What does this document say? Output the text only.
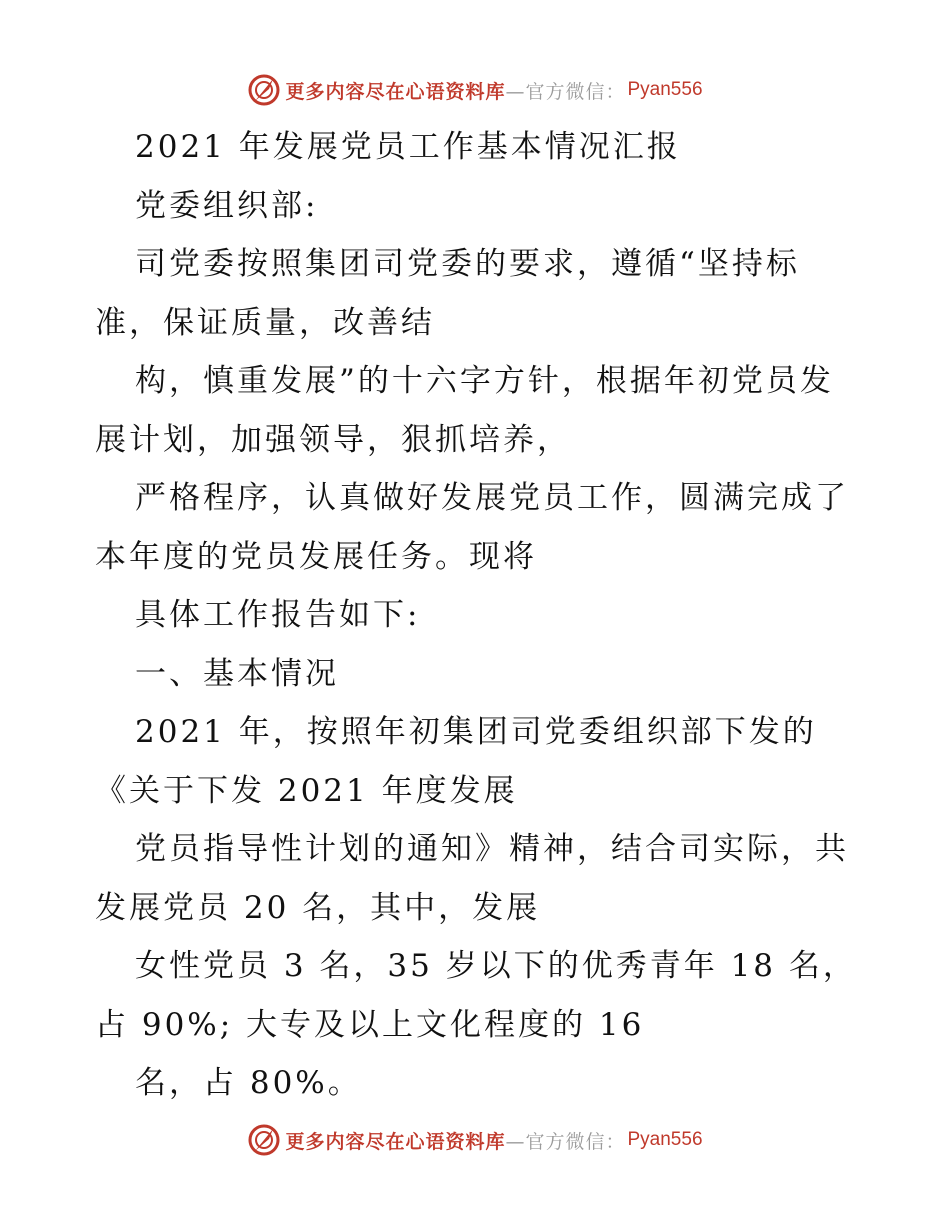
更多内容尽在心语资料库 —官方微信： Pyan556
2021 年发展党员工作基本情况汇报
党委组织部:
司党委按照集团司党委的要求，遵循“坚持标
准，保证质量，改善结
构，慎重发展”的十六字方针，根据年初党员发
展计划，加强领导，狠抓培养，
严格程序，认真做好发展党员工作，圆满完成了
本年度的党员发展任务。现将
具体工作报告如下:
一、基本情况
2021 年，按照年初集团司党委组织部下发的
《关于下发 2021 年度发展
党员指导性计划的通知》精神，结合司实际，共
发展党员 20 名，其中，发展
女性党员 3 名，35 岁以下的优秀青年 18 名，
占 90%; 大专及以上文化程度的 16
名，占 80%。
更多内容尽在心语资料库 —官方微信： Pyan556
